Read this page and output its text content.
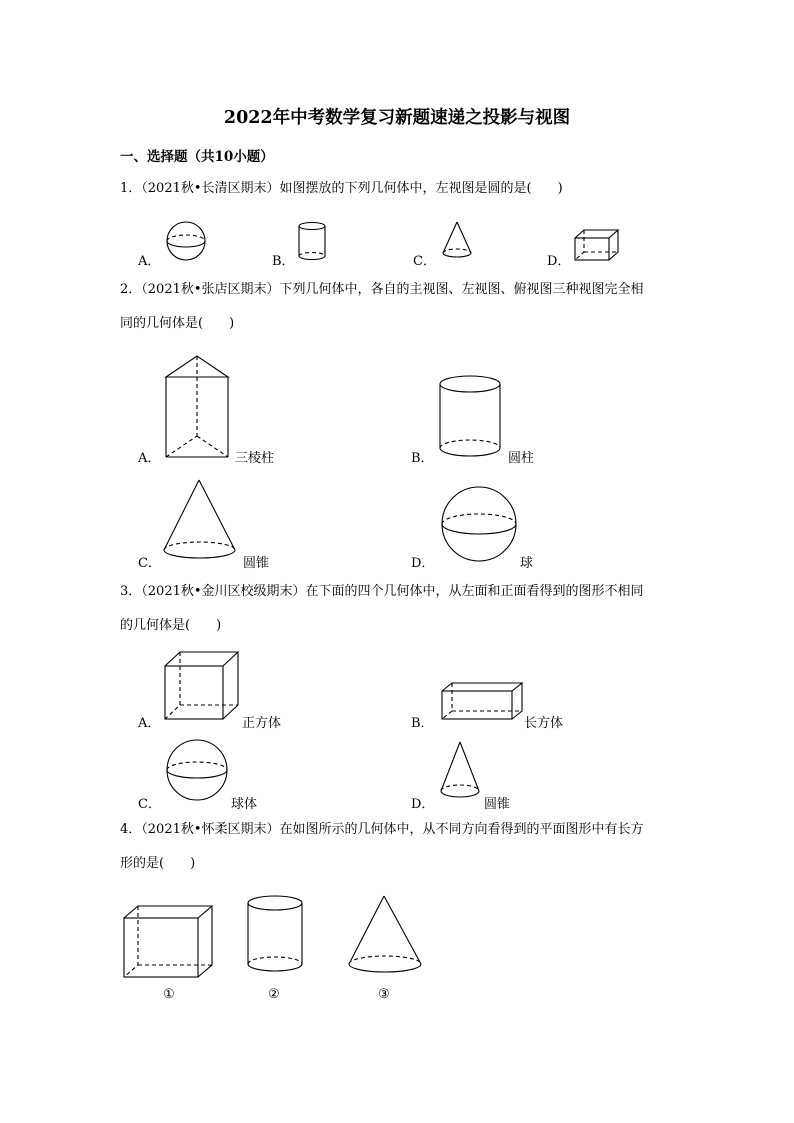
2022年中考数学复习新题速递之投影与视图
一、选择题（共10小题）
1．（2021秋•长清区期末）如图摆放的下列几何体中，左视图是圆的是(　　)
A．	B．	C．	D．
2．（2021秋•张店区期末）下列几何体中，各自的主视图、左视图、俯视图三种视图完全相
同的几何体是(　　)
A．	三棱柱	B．	圆柱
C．	圆锥	D．	球
3．（2021秋•金川区校级期末）在下面的四个几何体中，从左面和正面看得到的图形不相同
的几何体是(　　)
A．	正方体	B．	长方体
C．	球体	D．	圆锥
4．（2021秋•怀柔区期末）在如图所示的几何体中，从不同方向看得到的平面图形中有长方
形的是(　　)
①	②	③
